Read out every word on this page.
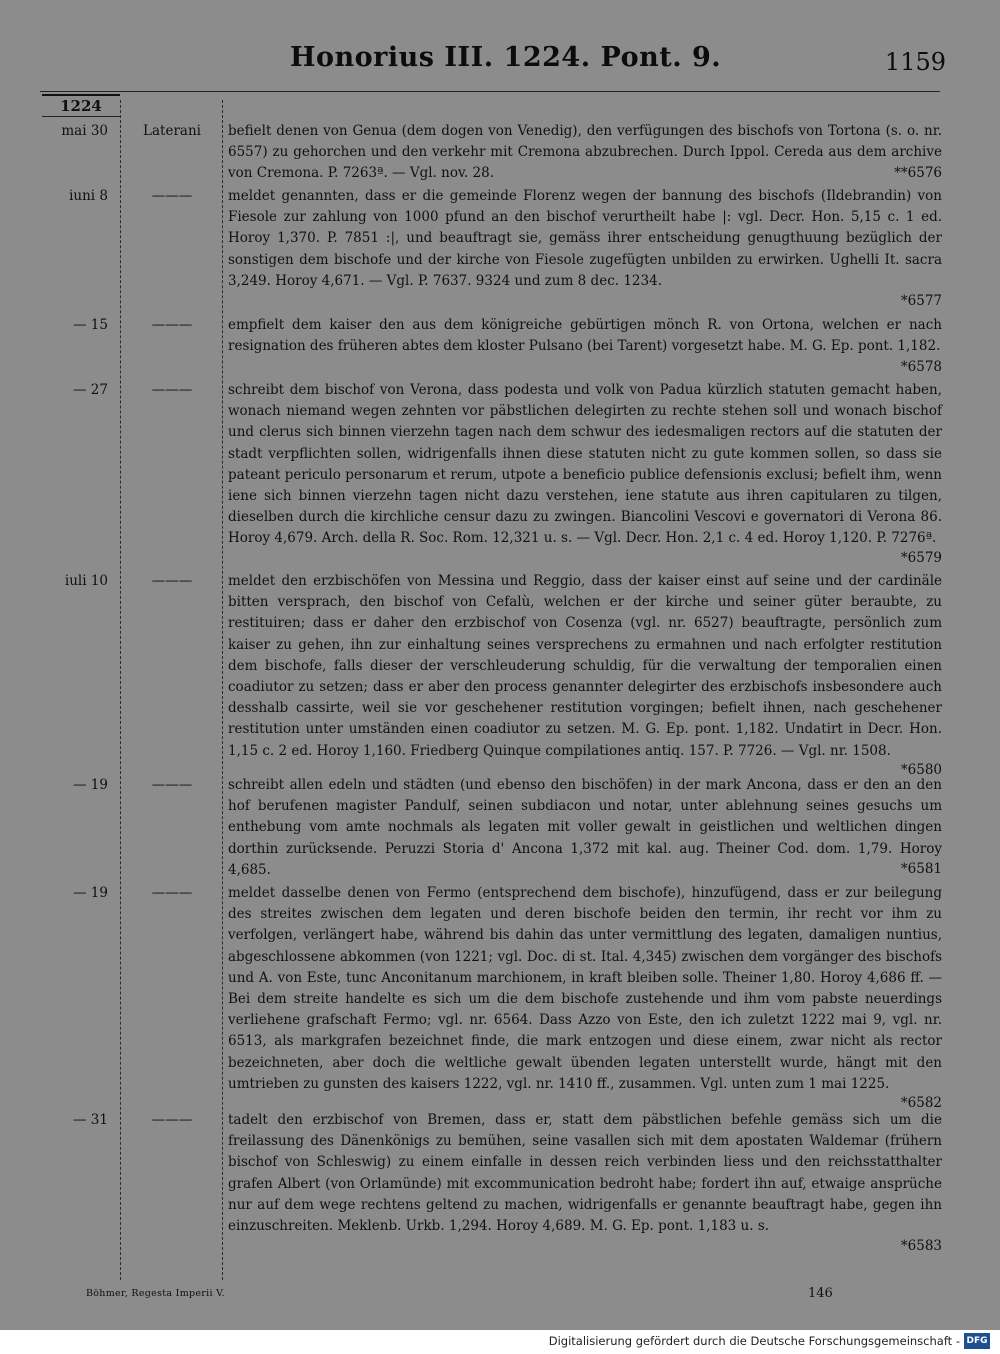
Honorius III. 1224. Pont. 9.	1159
1224
mai 30	Laterani	befielt denen von Genua (dem dogen von Venedig), den verfügungen des bischofs von Tortona (s. o. nr. 6557) zu gehorchen und den verkehr mit Cremona abzubrechen. Durch Ippol. Cereda aus dem archive von Cremona. P. 7263ª. — Vgl. nov. 28.	**6576
iuni 8	———	meldet genannten, dass er die gemeinde Florenz wegen der bannung des bischofs (Ildebrandin) von Fiesole zur zahlung von 1000 pfund an den bischof verurtheilt habe |: vgl. Decr. Hon. 5,15 c. 1 ed. Horoy 1,370. P. 7851 :|, und beauftragt sie, gemäss ihrer entscheidung genugthuung bezüglich der sonstigen dem bischofe und der kirche von Fiesole zugefügten unbilden zu erwirken. Ughelli It. sacra 3,249. Horoy 4,671. — Vgl. P. 7637. 9324 und zum 8 dec. 1234.
*6577
— 15	———	empfielt dem kaiser den aus dem königreiche gebürtigen mönch R. von Ortona, welchen er nach resignation des früheren abtes dem kloster Pulsano (bei Tarent) vorgesetzt habe. M. G. Ep. pont. 1,182.
*6578
— 27	———	schreibt dem bischof von Verona, dass podesta und volk von Padua kürzlich statuten gemacht haben, wonach niemand wegen zehnten vor päbstlichen delegirten zu rechte stehen soll und wonach bischof und clerus sich binnen vierzehn tagen nach dem schwur des iedesmaligen rectors auf die statuten der stadt verpflichten sollen, widrigenfalls ihnen diese statuten nicht zu gute kommen sollen, so dass sie pateant periculo personarum et rerum, utpote a beneficio publice defensionis exclusi; befielt ihm, wenn iene sich binnen vierzehn tagen nicht dazu verstehen, iene statute aus ihren capitularen zu tilgen, dieselben durch die kirchliche censur dazu zu zwingen. Biancolini Vescovi e governatori di Verona 86. Horoy 4,679. Arch. della R. Soc. Rom. 12,321 u. s. — Vgl. Decr. Hon. 2,1 c. 4 ed. Horoy 1,120. P. 7276ª.
*6579
iuli 10	———	meldet den erzbischöfen von Messina und Reggio, dass der kaiser einst auf seine und der cardinäle bitten versprach, den bischof von Cefalù, welchen er der kirche und seiner güter beraubte, zu restituiren; dass er daher den erzbischof von Cosenza (vgl. nr. 6527) beauftragte, persönlich zum kaiser zu gehen, ihn zur einhaltung seines versprechens zu ermahnen und nach erfolgter restitution dem bischofe, falls dieser der verschleuderung schuldig, für die verwaltung der temporalien einen coadiutor zu setzen; dass er aber den process genannter delegirter des erzbischofs insbesondere auch desshalb cassirte, weil sie vor geschehener restitution vorgingen; befielt ihnen, nach geschehener restitution unter umständen einen coadiutor zu setzen. M. G. Ep. pont. 1,182. Undatirt in Decr. Hon. 1,15 c. 2 ed. Horoy 1,160. Friedberg Quinque compilationes antiq. 157. P. 7726. — Vgl. nr. 1508.
*6580
— 19	———	schreibt allen edeln und städten (und ebenso den bischöfen) in der mark Ancona, dass er den an den hof berufenen magister Pandulf, seinen subdiacon und notar, unter ablehnung seines gesuchs um enthebung vom amte nochmals als legaten mit voller gewalt in geistlichen und weltlichen dingen dorthin zurücksende. Peruzzi Storia d' Ancona 1,372 mit kal. aug. Theiner Cod. dom. 1,79. Horoy 4,685.	*6581
— 19	———	meldet dasselbe denen von Fermo (entsprechend dem bischofe), hinzufügend, dass er zur beilegung des streites zwischen dem legaten und deren bischofe beiden den termin, ihr recht vor ihm zu verfolgen, verlängert habe, während bis dahin das unter vermittlung des legaten, damaligen nuntius, abgeschlossene abkommen (von 1221; vgl. Doc. di st. Ital. 4,345) zwischen dem vorgänger des bischofs und A. von Este, tunc Anconitanum marchionem, in kraft bleiben solle. Theiner 1,80. Horoy 4,686 ff. — Bei dem streite handelte es sich um die dem bischofe zustehende und ihm vom pabste neuerdings verliehene grafschaft Fermo; vgl. nr. 6564. Dass Azzo von Este, den ich zuletzt 1222 mai 9, vgl. nr. 6513, als markgrafen bezeichnet finde, die mark entzogen und diese einem, zwar nicht als rector bezeichneten, aber doch die weltliche gewalt übenden legaten unterstellt wurde, hängt mit den umtrieben zu gunsten des kaisers 1222, vgl. nr. 1410 ff., zusammen. Vgl. unten zum 1 mai 1225.
*6582
— 31	———	tadelt den erzbischof von Bremen, dass er, statt dem päbstlichen befehle gemäss sich um die freilassung des Dänenkönigs zu bemühen, seine vasallen sich mit dem apostaten Waldemar (frühern bischof von Schleswig) zu einem einfalle in dessen reich verbinden liess und den reichsstatthalter grafen Albert (von Orlamünde) mit excommunication bedroht habe; fordert ihn auf, etwaige ansprüche nur auf dem wege rechtens geltend zu machen, widrigenfalls er genannte beauftragt habe, gegen ihn einzuschreiten. Meklenb. Urkb. 1,294. Horoy 4,689. M. G. Ep. pont. 1,183 u. s.
*6583
Böhmer, Regesta Imperii V.	146
Digitalisierung gefördert durch die Deutsche Forschungsgemeinschaft - DFG
